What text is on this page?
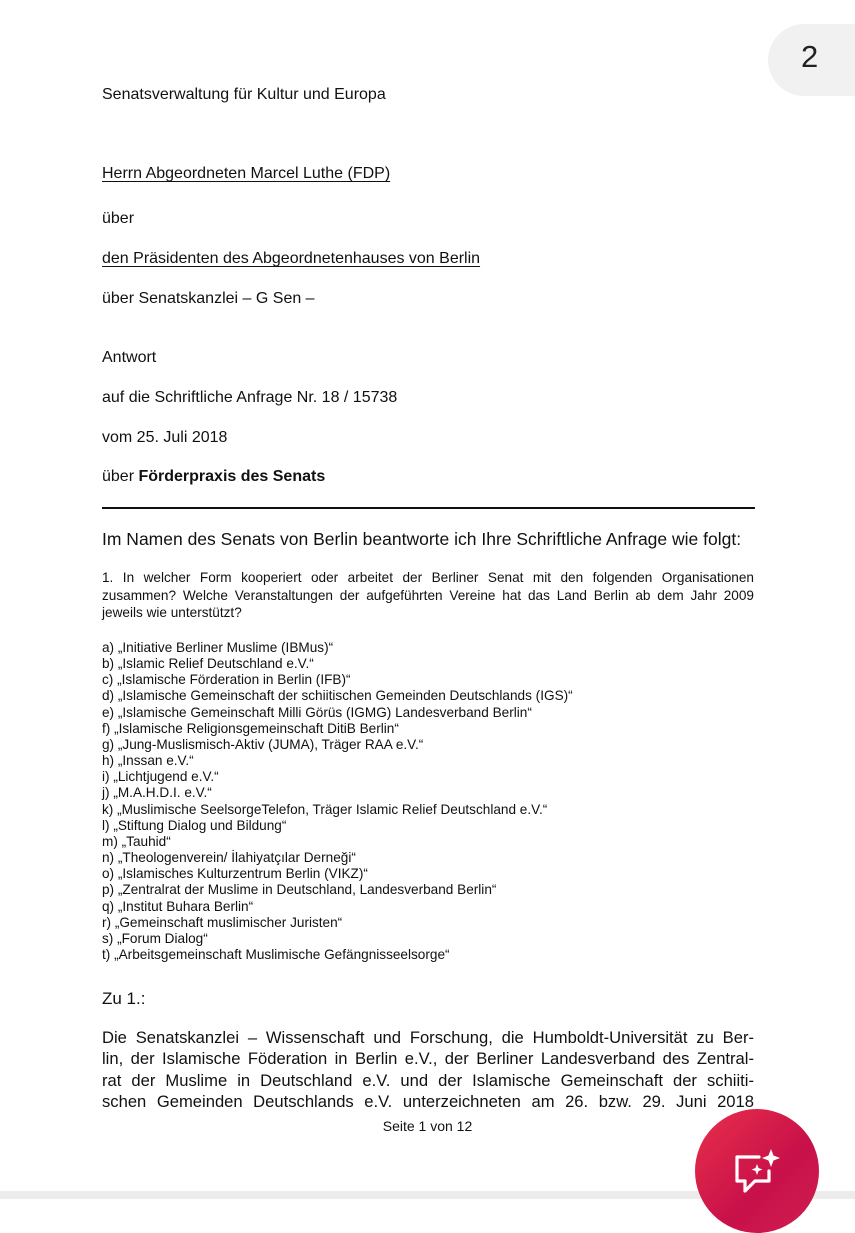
2
Senatsverwaltung für Kultur und Europa
Herrn Abgeordneten Marcel Luthe (FDP)
über
den Präsidenten des Abgeordnetenhauses von Berlin
über Senatskanzlei – G Sen –
Antwort
auf die Schriftliche Anfrage Nr. 18 / 15738
vom 25. Juli 2018
über Förderpraxis des Senats
Im Namen des Senats von Berlin beantworte ich Ihre Schriftliche Anfrage wie folgt:
1. In welcher Form kooperiert oder arbeitet der Berliner Senat mit den folgenden Organisationen zusammen? Welche Veranstaltungen der aufgeführten Vereine hat das Land Berlin ab dem Jahr 2009 jeweils wie unterstützt?
a) „Initiative Berliner Muslime (IBMus)“
b) „Islamic Relief Deutschland e.V.“
c) „Islamische Förderation in Berlin (IFB)“
d) „Islamische Gemeinschaft der schiitischen Gemeinden Deutschlands (IGS)“
e) „Islamische Gemeinschaft Milli Görüs (IGMG) Landesverband Berlin“
f) „Islamische Religionsgemeinschaft DitiB Berlin“
g) „Jung-Muslismisch-Aktiv (JUMA), Träger RAA e.V.“
h) „Inssan e.V.“
i) „Lichtjugend e.V.“
j) „M.A.H.D.I. e.V.“
k) „Muslimische SeelsorgeTelefon, Träger Islamic Relief Deutschland e.V.“
l) „Stiftung Dialog und Bildung“
m) „Tauhid“
n) „Theologenverein/ İlahiyatçılar Derneği“
o) „Islamisches Kulturzentrum Berlin (VIKZ)“
p) „Zentralrat der Muslime in Deutschland, Landesverband Berlin“
q) „Institut Buhara Berlin“
r) „Gemeinschaft muslimischer Juristen“
s) „Forum Dialog“
t) „Arbeitsgemeinschaft Muslimische Gefängnisseelsorge“
Zu 1.:
Die Senatskanzlei – Wissenschaft und Forschung, die Humboldt-Universität zu Ber-
lin, der Islamische Föderation in Berlin e.V., der Berliner Landesverband des Zentral-
rat der Muslime in Deutschland e.V. und der Islamische Gemeinschaft der schiiti-
schen Gemeinden Deutschlands e.V. unterzeichneten am 26. bzw. 29. Juni 2018
Seite 1 von 12
